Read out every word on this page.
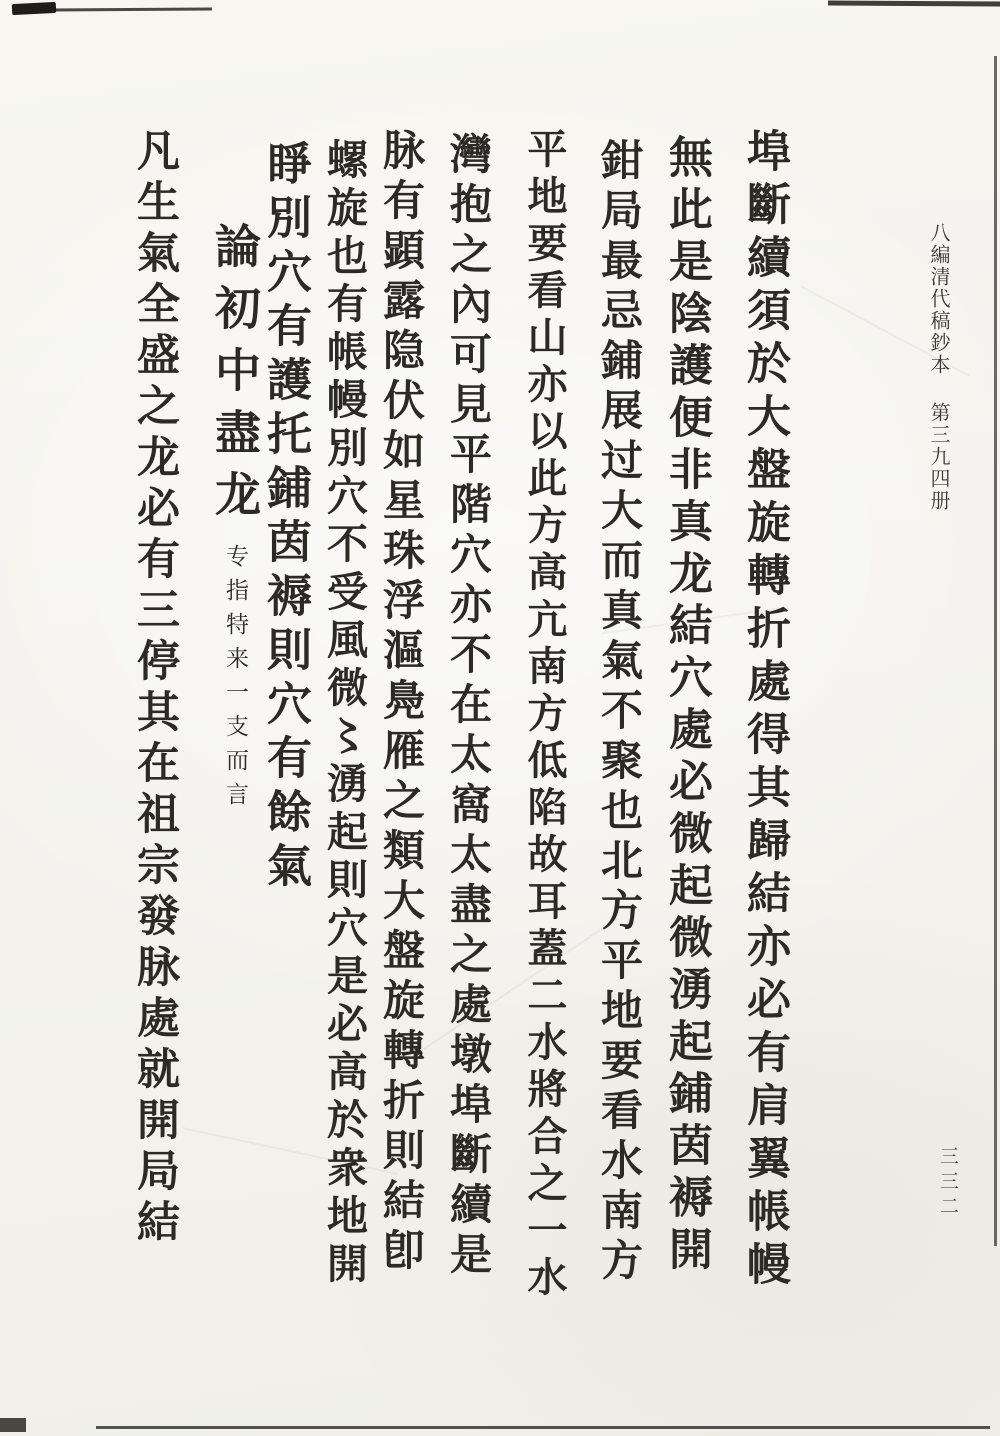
八編清代稿鈔本第三九四册
三三二
埠斷續須於大盤旋轉折處得其歸結亦必有肩翼帳幔
無此是陰護便非真龙結穴處必微起微湧起鋪茵褥開
鉗局最忌鋪展过大而真氣不聚也北方平地要看水南方
平地要看山亦以此方高亢南方低陷故耳蓋二水將合之一水
灣抱之內可見平階穴亦不在太窩太盡之處墩埠斷續是
脉有顕露隐伏如星珠浮漚鳧雁之類大盤旋轉折則結卽
螺旋也有帳幔別穴不受風微〻湧起則穴是必高於衆地開
睜別穴有護托鋪茵褥則穴有餘氣
論初中盡龙专指特来一支而言
凡生氣全盛之龙必有三停其在祖宗發脉處就開局結
